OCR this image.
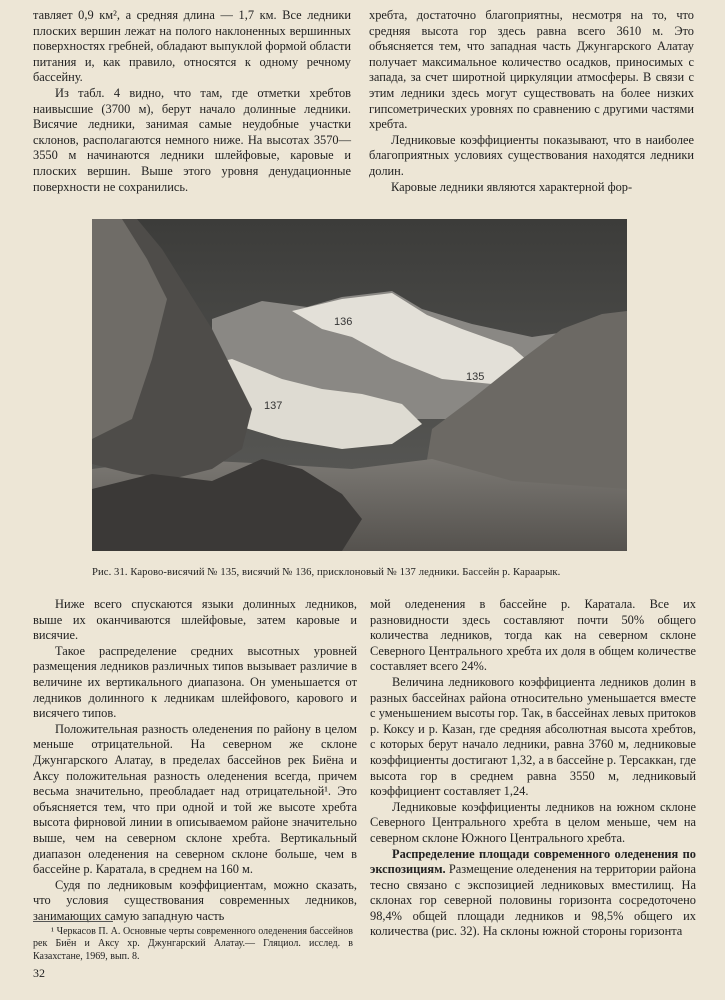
тавляет 0,9 км², а средняя длина — 1,7 км. Все ледники плоских вершин лежат на полого наклоненных вершинных поверхностях гребней, обладают выпуклой формой области питания и, как правило, относятся к одному речному бассейну.

Из табл. 4 видно, что там, где отметки хребтов наивысшие (3700 м), берут начало долинные ледники. Висячие ледники, занимая самые неудобные участки склонов, располагаются немного ниже. На высотах 3570—3550 м начинаются ледники шлейфовые, каровые и плоских вершин. Выше этого уровня денудационные поверхности не сохранились.

хребта, достаточно благоприятны, несмотря на то, что средняя высота гор здесь равна всего 3610 м. Это объясняется тем, что западная часть Джунгарского Алатау получает максимальное количество осадков, приносимых с запада, за счет широтной циркуляции атмосферы. В связи с этим ледники здесь могут существовать на более низких гипсометрических уровнях по сравнению с другими частями хребта.

Ледниковые коэффициенты показывают, что в наиболее благоприятных условиях существования находятся ледники долин.

Каровые ледники являются характерной фор-

136
135
137
Рис. 31. Карово-висячий № 135, висячий № 136, присклоновый № 137 ледники. Бассейн р. Караарык.

Ниже всего спускаются языки долинных ледников, выше их оканчиваются шлейфовые, затем каровые и висячие.

Такое распределение средних высотных уровней размещения ледников различных типов вызывает различие в величине их вертикального диапазона. Он уменьшается от ледников долинного к ледникам шлейфового, карового и висячего типов.

Положительная разность оледенения по району в целом меньше отрицательной. На северном же склоне Джунгарского Алатау, в пределах бассейнов рек Биёна и Аксу положительная разность оледенения всегда, причем весьма значительно, преобладает над отрицательной¹. Это объясняется тем, что при одной и той же высоте хребта высота фирновой линии в описываемом районе значительно выше, чем на северном склоне хребта. Вертикальный диапазон оледенения на северном склоне больше, чем в бассейне р. Каратала, в среднем на 160 м.

Судя по ледниковым коэффициентам, можно сказать, что условия существования современных ледников, занимающих самую западную часть

мой оледенения в бассейне р. Каратала. Все их разновидности здесь составляют почти 50% общего количества ледников, тогда как на северном склоне Северного Центрального хребта их доля в общем количестве составляет всего 24%.

Величина ледникового коэффициента ледников долин в разных бассейнах района относительно уменьшается вместе с уменьшением высоты гор. Так, в бассейнах левых притоков р. Коксу и р. Казан, где средняя абсолютная высота хребтов, с которых берут начало ледники, равна 3760 м, ледниковые коэффициенты достигают 1,32, а в бассейне р. Терсаккан, где высота гор в среднем равна 3550 м, ледниковый коэффициент составляет 1,24.

Ледниковые коэффициенты ледников на южном склоне Северного Центрального хребта в целом меньше, чем на северном склоне Южного Центрального хребта.

Распределение площади современного оледенения по экспозициям. Размещение оледенения на территории района тесно связано с экспозицией ледниковых вместилищ. На склонах гор северной половины горизонта сосредоточено 98,4% общей площади ледников и 98,5% общего их количества (рис. 32). На склоны южной стороны горизонта

¹ Черкасов П. А. Основные черты современного оледенения бассейнов рек Биён и Аксу хр. Джунгарский Алатау.— Гляциол. исслед. в Казахстане, 1969, вып. 8.

32
